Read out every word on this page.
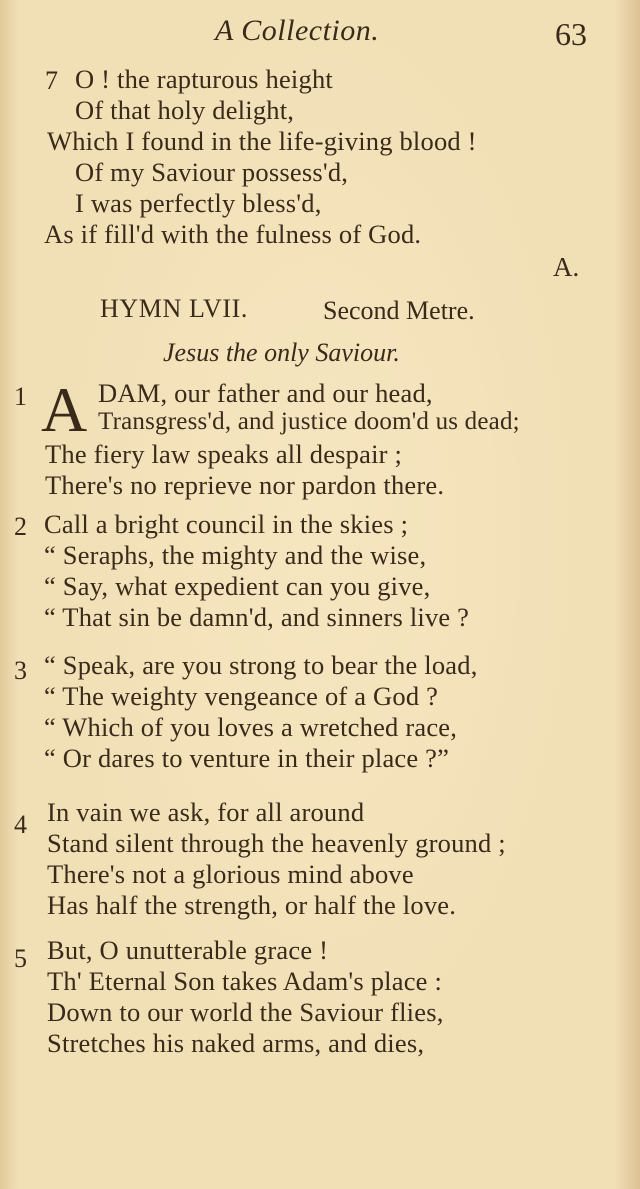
A Collection.	63
7 O ! the rapturous height
Of that holy delight,
Which I found in the life-giving blood !
Of my Saviour possess'd,
I was perfectly bless'd,
As if fill'd with the fulness of God.
A.
HYMN LVII.	Second Metre.
Jesus the only Saviour.
1 A DAM, our father and our head,
Transgress'd, and justice doom'd us dead;
The fiery law speaks all despair ;
There's no reprieve nor pardon there.
2 Call a bright council in the skies ;
“ Seraphs, the mighty and the wise,
“ Say, what expedient can you give,
“ That sin be damn'd, and sinners live ?
3 “ Speak, are you strong to bear the load,
“ The weighty vengeance of a God ?
“ Which of you loves a wretched race,
“ Or dares to venture in their place ?”
4 In vain we ask, for all around
Stand silent through the heavenly ground ;
There's not a glorious mind above
Has half the strength, or half the love.
5 But, O unutterable grace !
Th' Eternal Son takes Adam's place :
Down to our world the Saviour flies,
Stretches his naked arms, and dies,
